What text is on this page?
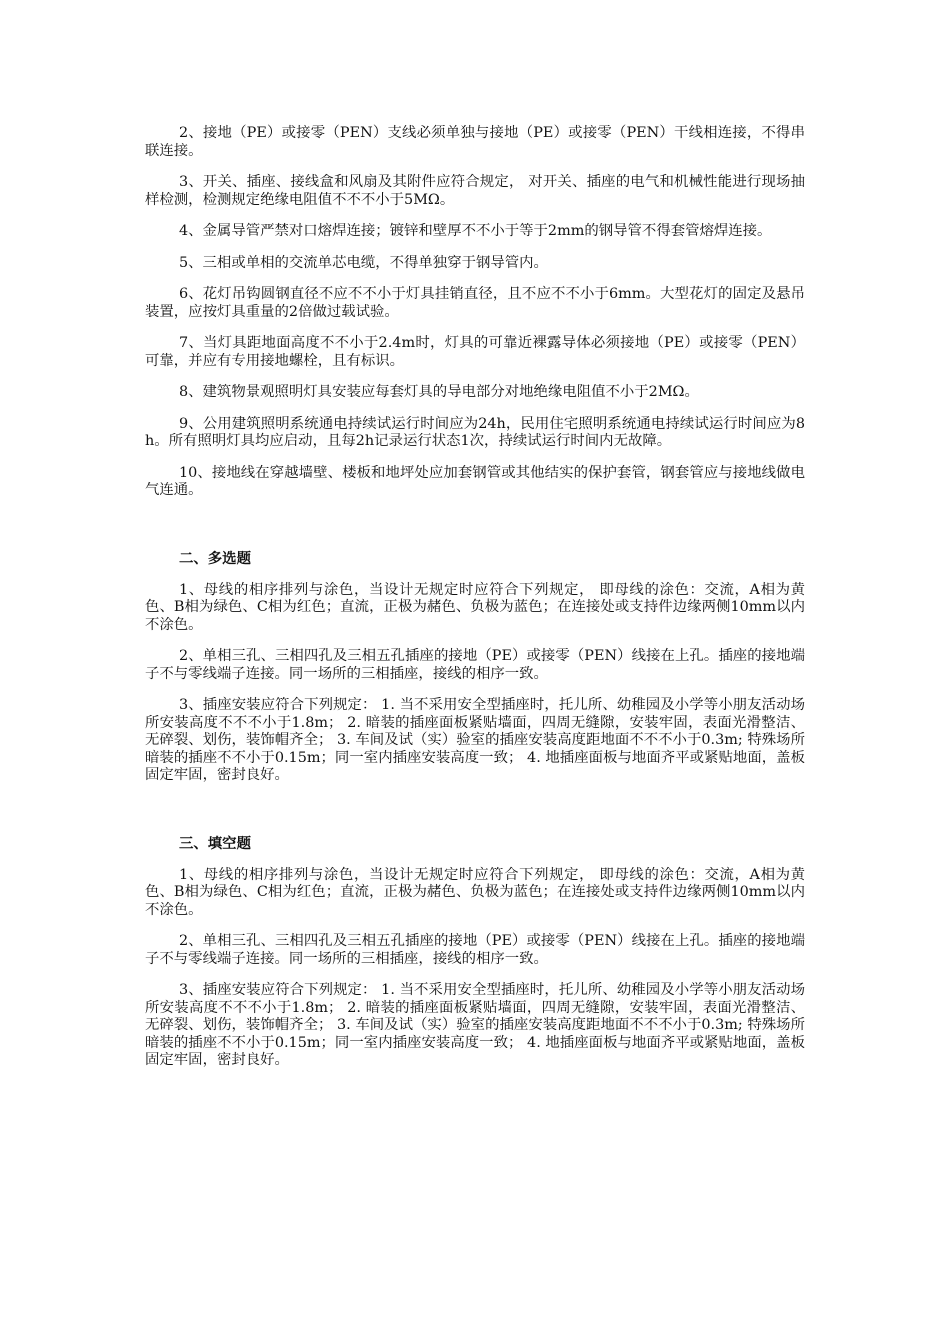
2、接地（PE）或接零（PEN）支线必须单独与接地（PE）或接零（PEN）干线相连接，不得串联连接。

3、开关、插座、接线盒和风扇及其附件应符合规定， 对开关、插座的电气和机械性能进行现场抽样检测，检测规定绝缘电阻值不不不小于5MΩ。

4、金属导管严禁对口熔焊连接；镀锌和壁厚不不小于等于2mm的钢导管不得套管熔焊连接。

5、三相或单相的交流单芯电缆，不得单独穿于钢导管内。

6、花灯吊钩圆钢直径不应不不小于灯具挂销直径，且不应不不小于6mm。大型花灯的固定及悬吊装置，应按灯具重量的2倍做过载试验。

7、当灯具距地面高度不不小于2.4m时，灯具的可靠近裸露导体必须接地（PE）或接零（PEN）可靠，并应有专用接地螺栓，且有标识。

8、建筑物景观照明灯具安装应每套灯具的导电部分对地绝缘电阻值不小于2MΩ。

9、公用建筑照明系统通电持续试运行时间应为24h，民用住宅照明系统通电持续试运行时间应为8h。所有照明灯具均应启动，且每2h记录运行状态1次，持续试运行时间内无故障。

10、接地线在穿越墙壁、楼板和地坪处应加套钢管或其他结实的保护套管，钢套管应与接地线做电气连通。

二、多选题

1、母线的相序排列与涂色，当设计无规定时应符合下列规定， 即母线的涂色：交流，A相为黄色、B相为绿色、C相为红色；直流，正极为赭色、负极为蓝色；在连接处或支持件边缘两侧10mm以内不涂色。

2、单相三孔、三相四孔及三相五孔插座的接地（PE）或接零（PEN）线接在上孔。插座的接地端子不与零线端子连接。同一场所的三相插座，接线的相序一致。

3、插座安装应符合下列规定： 1. 当不采用安全型插座时，托儿所、幼稚园及小学等小朋友活动场所安装高度不不不小于1.8m； 2. 暗装的插座面板紧贴墙面，四周无缝隙，安装牢固，表面光滑整洁、无碎裂、划伤，装饰帽齐全； 3. 车间及试（实）验室的插座安装高度距地面不不不小于0.3m; 特殊场所暗装的插座不不小于0.15m；同一室内插座安装高度一致； 4. 地插座面板与地面齐平或紧贴地面，盖板固定牢固，密封良好。

三、填空题

1、母线的相序排列与涂色，当设计无规定时应符合下列规定， 即母线的涂色：交流，A相为黄色、B相为绿色、C相为红色；直流，正极为赭色、负极为蓝色；在连接处或支持件边缘两侧10mm以内不涂色。

2、单相三孔、三相四孔及三相五孔插座的接地（PE）或接零（PEN）线接在上孔。插座的接地端子不与零线端子连接。同一场所的三相插座，接线的相序一致。

3、插座安装应符合下列规定： 1. 当不采用安全型插座时，托儿所、幼稚园及小学等小朋友活动场所安装高度不不不小于1.8m； 2. 暗装的插座面板紧贴墙面，四周无缝隙，安装牢固，表面光滑整洁、无碎裂、划伤，装饰帽齐全； 3. 车间及试（实）验室的插座安装高度距地面不不不小于0.3m; 特殊场所暗装的插座不不小于0.15m；同一室内插座安装高度一致； 4. 地插座面板与地面齐平或紧贴地面，盖板固定牢固，密封良好。
